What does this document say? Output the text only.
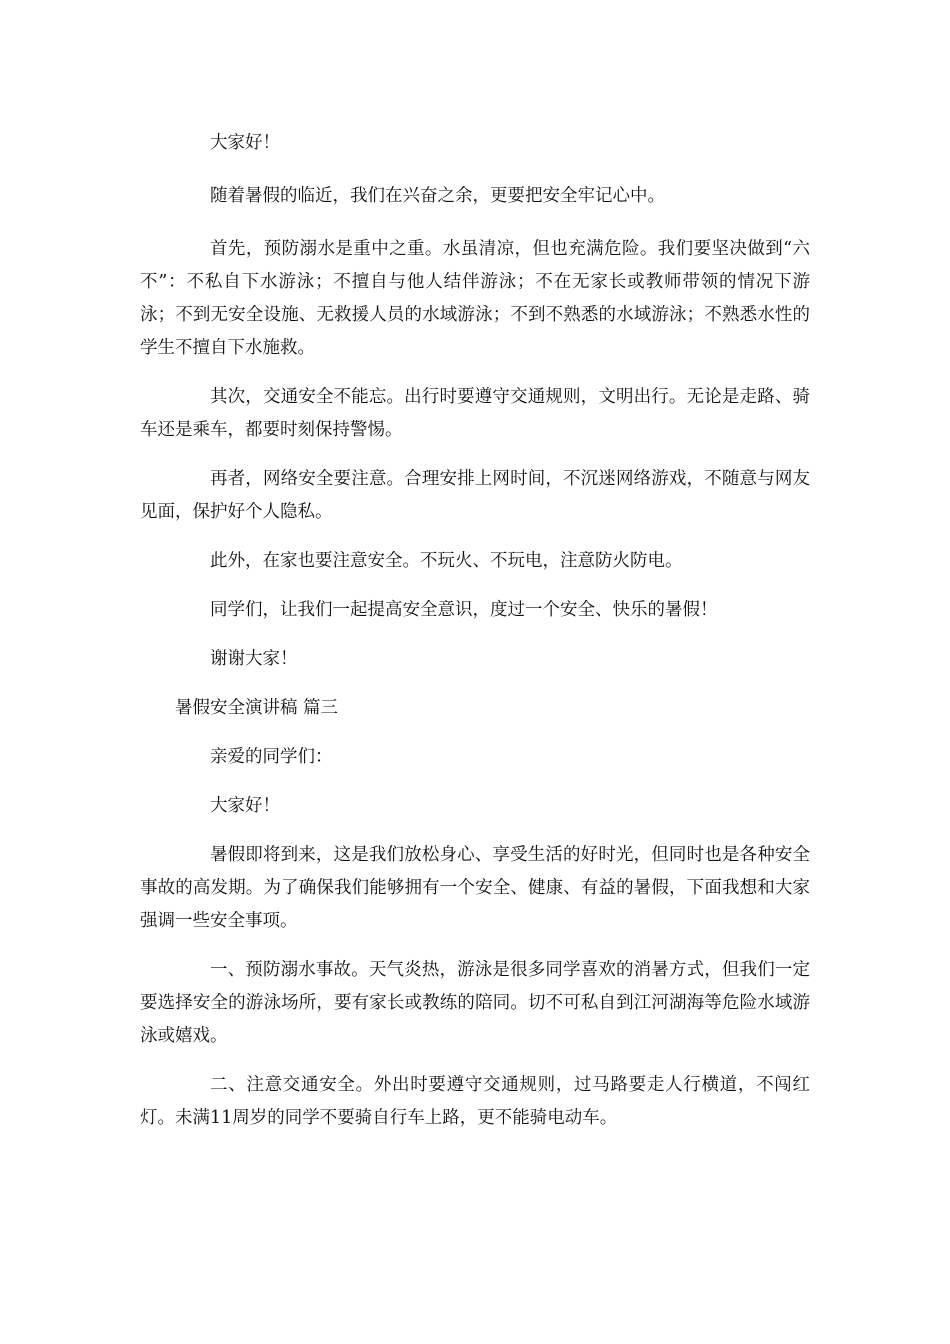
大家好！

随着暑假的临近，我们在兴奋之余，更要把安全牢记心中。

首先，预防溺水是重中之重。水虽清凉，但也充满危险。我们要坚决做到“六不”：不私自下水游泳；不擅自与他人结伴游泳；不在无家长或教师带领的情况下游泳；不到无安全设施、无救援人员的水域游泳；不到不熟悉的水域游泳；不熟悉水性的学生不擅自下水施救。

其次，交通安全不能忘。出行时要遵守交通规则，文明出行。无论是走路、骑车还是乘车，都要时刻保持警惕。

再者，网络安全要注意。合理安排上网时间，不沉迷网络游戏，不随意与网友见面，保护好个人隐私。

此外，在家也要注意安全。不玩火、不玩电，注意防火防电。

同学们，让我们一起提高安全意识，度过一个安全、快乐的暑假！

谢谢大家！

暑假安全演讲稿 篇三

亲爱的同学们：

大家好！

暑假即将到来，这是我们放松身心、享受生活的好时光，但同时也是各种安全事故的高发期。为了确保我们能够拥有一个安全、健康、有益的暑假，下面我想和大家强调一些安全事项。

一、预防溺水事故。天气炎热，游泳是很多同学喜欢的消暑方式，但我们一定要选择安全的游泳场所，要有家长或教练的陪同。切不可私自到江河湖海等危险水域游泳或嬉戏。

二、注意交通安全。外出时要遵守交通规则，过马路要走人行横道，不闯红灯。未满11周岁的同学不要骑自行车上路，更不能骑电动车。
